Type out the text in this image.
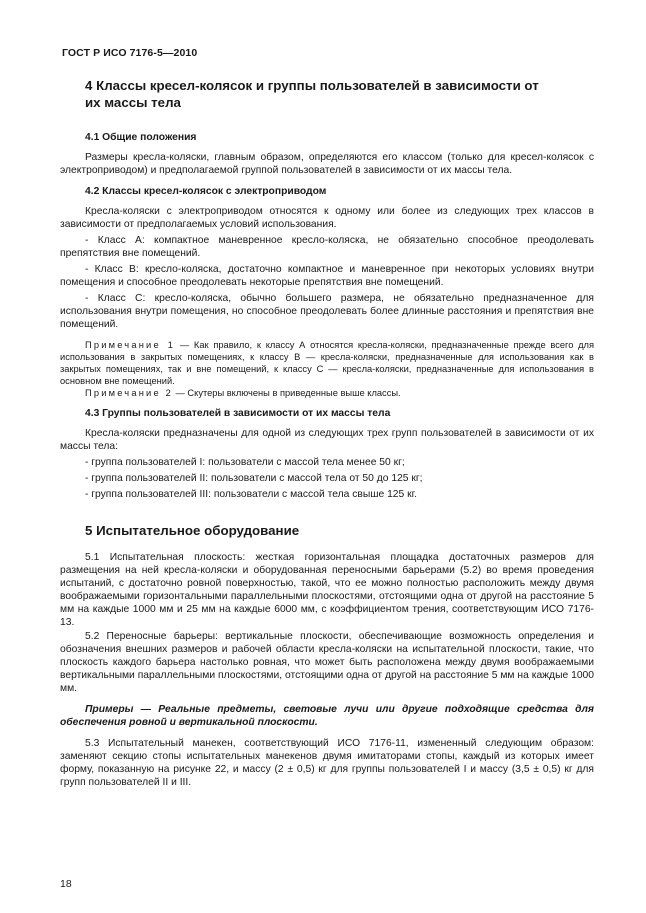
ГОСТ Р ИСО 7176-5—2010
4 Классы кресел-колясок и группы пользователей в зависимости от их массы тела
4.1 Общие положения

Размеры кресла-коляски, главным образом, определяются его классом (только для кресел-колясок с электроприводом) и предполагаемой группой пользователей в зависимости от их массы тела.

4.2 Классы кресел-колясок с электроприводом

Кресла-коляски с электроприводом относятся к одному или более из следующих трех классов в зависимости от предполагаемых условий использования.

- Класс А: компактное маневренное кресло-коляска, не обязательно способное преодолевать препятствия вне помещений.

- Класс В: кресло-коляска, достаточно компактное и маневренное при некоторых условиях внутри помещения и способное преодолевать некоторые препятствия вне помещений.

- Класс С: кресло-коляска, обычно большего размера, не обязательно предназначенное для использования внутри помещения, но способное преодолевать более длинные расстояния и препятствия вне помещений.

Примечание 1 — Как правило, к классу А относятся кресла-коляски, предназначенные прежде всего для использования в закрытых помещениях, к классу В — кресла-коляски, предназначенные для использования как в закрытых помещениях, так и вне помещений, к классу С — кресла-коляски, предназначенные для использования в основном вне помещений.
Примечание 2 — Скутеры включены в приведенные выше классы.
4.3 Группы пользователей в зависимости от их массы тела

Кресла-коляски предназначены для одной из следующих трех групп пользователей в зависимости от их массы тела:

- группа пользователей I: пользователи с массой тела менее 50 кг;

- группа пользователей II: пользователи с массой тела от 50 до 125 кг;

- группа пользователей III: пользователи с массой тела свыше 125 кг.

5 Испытательное оборудование

5.1 Испытательная плоскость: жесткая горизонтальная площадка достаточных размеров для размещения на ней кресла-коляски и оборудованная переносными барьерами (5.2) во время проведения испытаний, с достаточно ровной поверхностью, такой, что ее можно полностью расположить между двумя воображаемыми горизонтальными параллельными плоскостями, отстоящими одна от другой на расстояние 5 мм на каждые 1000 мм и 25 мм на каждые 6000 мм, с коэффициентом трения, соответствующим ИСО 7176-13.

5.2 Переносные барьеры: вертикальные плоскости, обеспечивающие возможность определения и обозначения внешних размеров и рабочей области кресла-коляски на испытательной плоскости, такие, что плоскость каждого барьера настолько ровная, что может быть расположена между двумя воображаемыми вертикальными параллельными плоскостями, отстоящими одна от другой на расстояние 5 мм на каждые 1000 мм.

Примеры — Реальные предметы, световые лучи или другие подходящие средства для обеспечения ровной и вертикальной плоскости.

5.3 Испытательный манекен, соответствующий ИСО 7176-11, измененный следующим образом: заменяют секцию стопы испытательных манекенов двумя имитаторами стопы, каждый из которых имеет форму, показанную на рисунке 22, и массу (2 ± 0,5) кг для группы пользователей I и массу (3,5 ± 0,5) кг для групп пользователей II и III.

18
